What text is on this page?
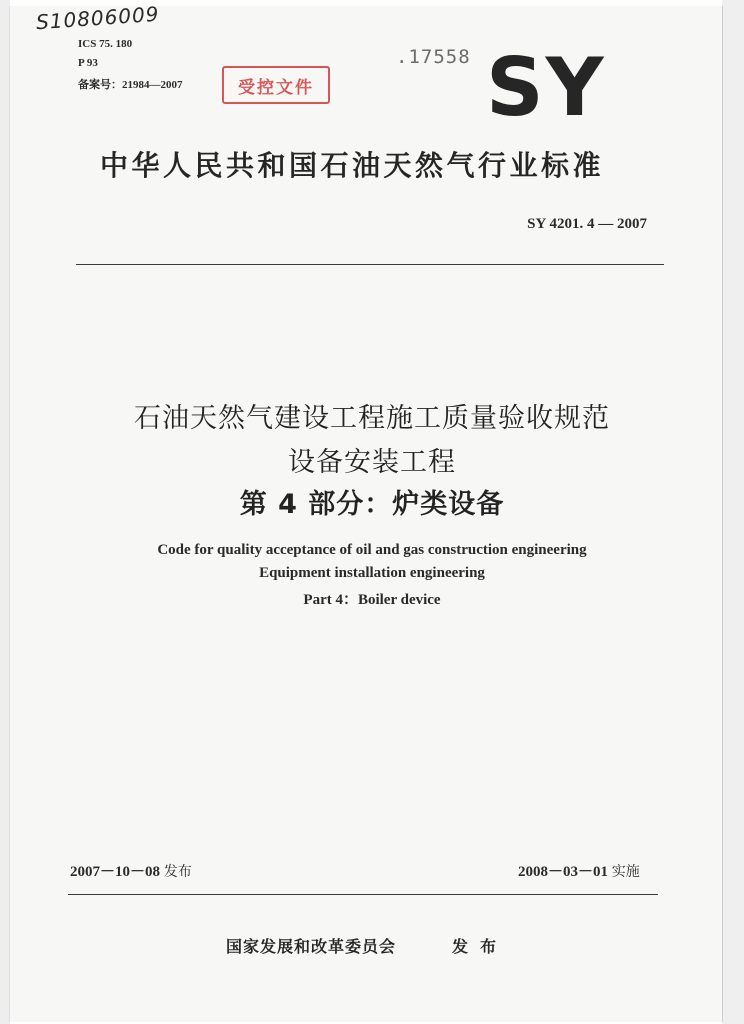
S10806009
ICS 75. 180
P 93
备案号：21984—2007	受控文件
.17558 SY
中华人民共和国石油天然气行业标准
SY 4201. 4 — 2007
石油天然气建设工程施工质量验收规范
设备安装工程
第 4 部分：炉类设备
Code for quality acceptance of oil and gas construction engineering
Equipment installation engineering
Part 4：Boiler device
2007－10－08 发布	2008－03－01 实施
国家发展和改革委员会	发布
